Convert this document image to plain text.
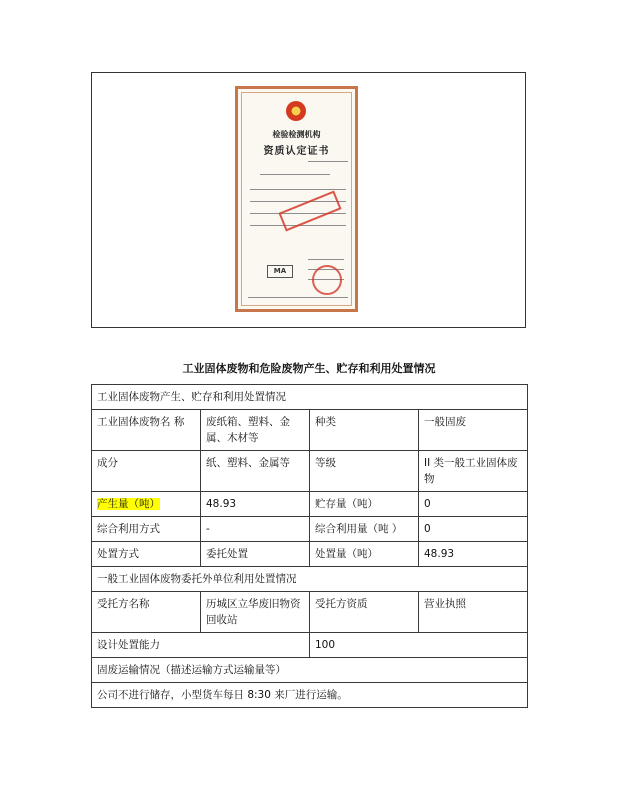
检验检测机构
资质认定证书
MA
工业固体废物和危险废物产生、贮存和利用处置情况
工业固体废物产生、贮存和利用处置情况			
工业固体废物名 称	废纸箱、塑料、金属、木材等	种类	一般固废
成分	纸、塑料、金属等	等级	II 类一般工业固体废物
产生量（吨）	48.93	贮存量（吨）	0
综合利用方式	-	综合利用量（吨 ）	0
处置方式	委托处置	处置量（吨）	48.93
一般工业固体废物委托外单位利用处置情况			
受托方名称	历城区立华废旧物资回收站	受托方资质	营业执照
设计处置能力		100	
固废运输情况（描述运输方式运输量等）			
公司不进行储存，小型货车每日 8:30 来厂进行运输。			
